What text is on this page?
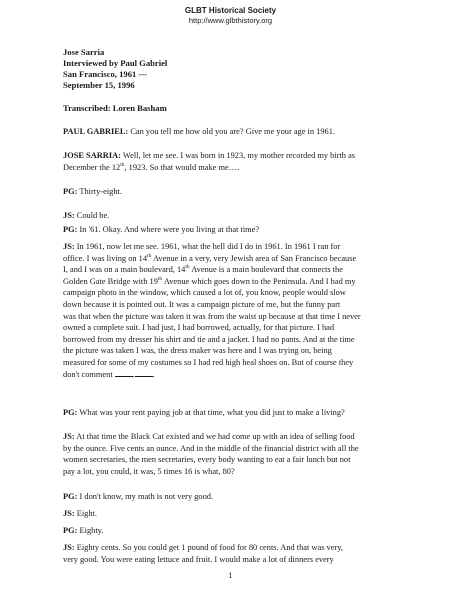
GLBT Historical Society
http://www.glbthistory.org
Jose Sarria
Interviewed by Paul Gabriel
San Francisco, 1961 ---
September 15, 1996
Transcribed: Loren Basham
PAUL GABRIEL: Can you tell me how old you are? Give me your age in 1961.
JOSE SARRIA: Well, let me see. I was born in 1923, my mother recorded my birth as
December the 12th, 1923. So that would make me….
PG: Thirty-eight.
JS: Could be.
PG: In '61. Okay. And where were you living at that time?
JS: In 1961, now let me see. 1961, what the hell did I do in 1961. In 1961 I ran for
office. I was living on 14th Avenue in a very, very Jewish area of San Francisco because
I, and I was on a main boulevard, 14th Avenue is a main boulevard that connects the
Golden Gate Bridge with 19th Avenue which goes down to the Peninsula. And I had my
campaign photo in the window, which caused a lot of, you know, people would slow
down because it is pointed out. It was a campaign picture of me, but the funny part
was that when the picture was taken it was from the waist up because at that time I never
owned a complete suit. I had just, I had borrowed, actually, for that picture. I had
borrowed from my dresser his shirt and tie and a jacket. I had no pants. And at the time
the picture was taken I was, the dress maker was here and I was trying on, being
measured for some of my costumes so I had red high heal shoes on. But of course they
don't comment . .
PG: What was your rent paying job at that time, what you did just to make a living?
JS: At that time the Black Cat existed and we had come up with an idea of selling food
by the ounce. Five cents an ounce. And in the middle of the financial district with all the
women secretaries, the men secretaries, every body wanting to eat a fair lunch but not
pay a lot, you could, it was, 5 times 16 is what, 80?
PG: I don't know, my math is not very good.
JS: Eight.
PG: Eighty.
JS: Eighty cents. So you could get 1 pound of food for 80 cents. And that was very,
very good. You were eating lettuce and fruit. I would make a lot of dinners every
1
